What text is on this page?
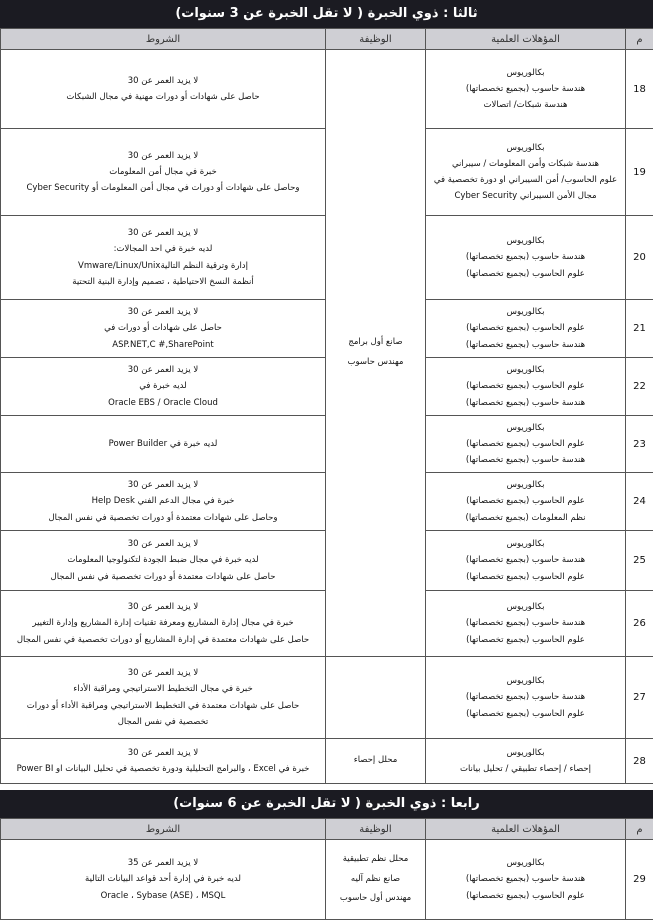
ثالثا : ذوي الخبرة ( لا تقل الخبرة عن 3 سنوات)
م	المؤهلات العلمية	الوظيفة	الشروط
18	بكالوريوس
هندسة حاسوب (بجميع تخصصاتها)
هندسة شبكات/ اتصالات	صانع أول برامج
مهندس حاسوب	لا يزيد العمر عن 30
حاصل على شهادات أو دورات مهنية في مجال الشبكات

19	بكالوريوس
هندسة شبكات وأمن المعلومات / سيبراني
علوم الحاسوب/ أمن السيبراني او دورة تخصصية في
مجال الأمن السيبراني Cyber Security		لا يزيد العمر عن 30
خبرة في مجال أمن المعلومات
وحاصل على شهادات أو دورات في مجال أمن المعلومات أو Cyber Security

20	بكالوريوس
هندسة حاسوب (بجميع تخصصاتها)
علوم الحاسوب (بجميع تخصصاتها)		لا يزيد العمر عن 30
لديه خبرة في احد المجالات:
إدارة وترقية النظم التاليةVmware/Linux/Unix
أنظمة النسخ الاحتياطية ، تصميم وإدارة البنية التحتية

21	بكالوريوس
علوم الحاسوب (بجميع تخصصاتها)
هندسة حاسوب (بجميع تخصصاتها)		لا يزيد العمر عن 30
حاصل على شهادات أو دورات في
ASP.NET,C #,SharePoint

22	بكالوريوس
علوم الحاسوب (بجميع تخصصاتها)
هندسة حاسوب (بجميع تخصصاتها)		لا يزيد العمر عن 30
لديه خبرة في
Oracle EBS / Oracle Cloud

23	بكالوريوس
علوم الحاسوب (بجميع تخصصاتها)
هندسة حاسوب (بجميع تخصصاتها)		لديه خبرة في Power Builder

24	بكالوريوس
علوم الحاسوب (بجميع تخصصاتها)
نظم المعلومات (بجميع تخصصاتها)		لا يزيد العمر عن 30
خبرة في مجال الدعم الفني Help Desk
وحاصل على شهادات معتمدة أو دورات تخصصية في نفس المجال

25	بكالوريوس
هندسة حاسوب (بجميع تخصصاتها)
علوم الحاسوب (بجميع تخصصاتها)		لا يزيد العمر عن 30
لديه خبرة في مجال ضبط الجودة لتكنولوجيا المعلومات
حاصل على شهادات معتمدة أو دورات تخصصية في نفس المجال

26	بكالوريوس
هندسة حاسوب (بجميع تخصصاتها)
علوم الحاسوب (بجميع تخصصاتها)		لا يزيد العمر عن 30
خبرة في مجال إدارة المشاريع ومعرفة تقنيات إدارة المشاريع وإدارة التغيير
حاصل على شهادات معتمدة في إدارة المشاريع أو دورات تخصصية في نفس المجال

27	بكالوريوس
هندسة حاسوب (بجميع تخصصاتها)
علوم الحاسوب (بجميع تخصصاتها)		لا يزيد العمر عن 30
خبرة في مجال التخطيط الاستراتيجي ومراقبة الأداء
حاصل على شهادات معتمدة في التخطيط الاستراتيجي ومراقبة الأداء أو دورات
تخصصية في نفس المجال

28	بكالوريوس
إحصاء / إحصاء تطبيقي / تحليل بيانات	محلل إحصاء	لا يزيد العمر عن 30
خبرة في Excel ، والبرامج التحليلية ودورة تخصصية في تحليل البيانات او Power BI
رابعا : ذوي الخبرة ( لا تقل الخبرة عن 6 سنوات)
م	المؤهلات العلمية	الوظيفة	الشروط
29	بكالوريوس
هندسة حاسوب (بجميع تخصصاتها)
علوم الحاسوب (بجميع تخصصاتها)	محلل نظم تطبيقية
صانع نظم آليه
مهندس أول حاسوب	لا يزيد العمر عن 35
لديه خبرة في إدارة أحد قواعد البيانات التالية
Oracle ، Sybase (ASE) ، MSQL
